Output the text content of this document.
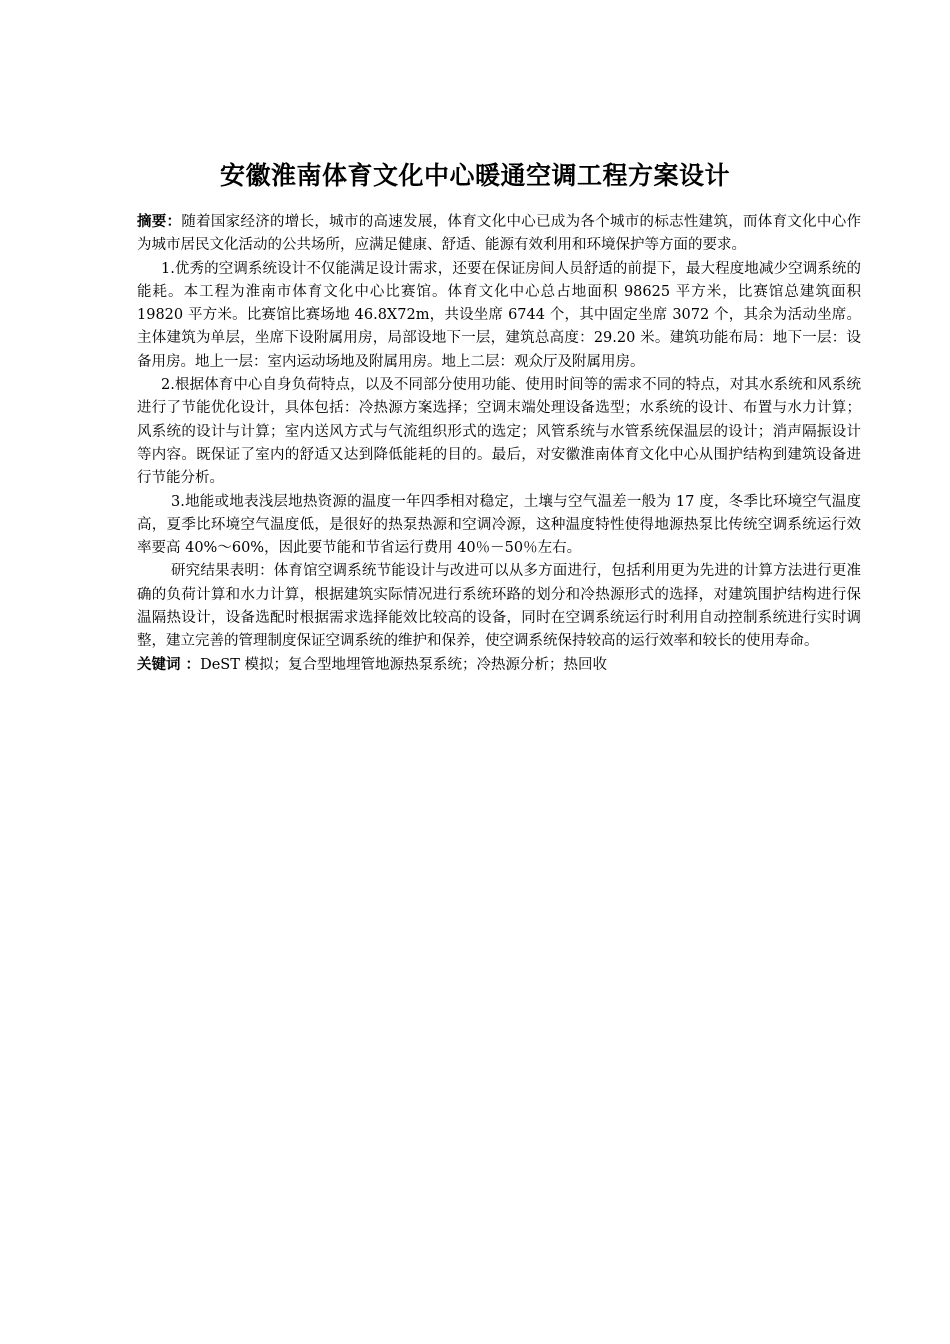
安徽淮南体育文化中心暖通空调工程方案设计

摘要：随着国家经济的增长，城市的高速发展，体育文化中心已成为各个城市的标志性建筑，而体育文化中心作为城市居民文化活动的公共场所，应满足健康、舒适、能源有效利用和环境保护等方面的要求。

1.优秀的空调系统设计不仅能满足设计需求，还要在保证房间人员舒适的前提下，最大程度地减少空调系统的能耗。本工程为淮南市体育文化中心比赛馆。体育文化中心总占地面积 98625 平方米，比赛馆总建筑面积 19820 平方米。比赛馆比赛场地 46.8X72m，共设坐席 6744 个，其中固定坐席 3072 个，其余为活动坐席。主体建筑为单层，坐席下设附属用房，局部设地下一层，建筑总高度：29.20 米。建筑功能布局：地下一层：设备用房。地上一层：室内运动场地及附属用房。地上二层：观众厅及附属用房。

2.根据体育中心自身负荷特点，以及不同部分使用功能、使用时间等的需求不同的特点，对其水系统和风系统进行了节能优化设计，具体包括：冷热源方案选择；空调末端处理设备选型；水系统的设计、布置与水力计算；风系统的设计与计算；室内送风方式与气流组织形式的选定；风管系统与水管系统保温层的设计；消声隔振设计等内容。既保证了室内的舒适又达到降低能耗的目的。最后，对安徽淮南体育文化中心从围护结构到建筑设备进行节能分析。

3.地能或地表浅层地热资源的温度一年四季相对稳定，土壤与空气温差一般为 17 度，冬季比环境空气温度高，夏季比环境空气温度低，是很好的热泵热源和空调冷源，这种温度特性使得地源热泵比传统空调系统运行效率要高 40%～60%，因此要节能和节省运行费用 40％－50％左右。

研究结果表明：体育馆空调系统节能设计与改进可以从多方面进行，包括利用更为先进的计算方法进行更准确的负荷计算和水力计算，根据建筑实际情况进行系统环路的划分和冷热源形式的选择，对建筑围护结构进行保温隔热设计，设备选配时根据需求选择能效比较高的设备，同时在空调系统运行时利用自动控制系统进行实时调整，建立完善的管理制度保证空调系统的维护和保养，使空调系统保持较高的运行效率和较长的使用寿命。

关键词 ：DeST 模拟；复合型地埋管地源热泵系统；冷热源分析；热回收
